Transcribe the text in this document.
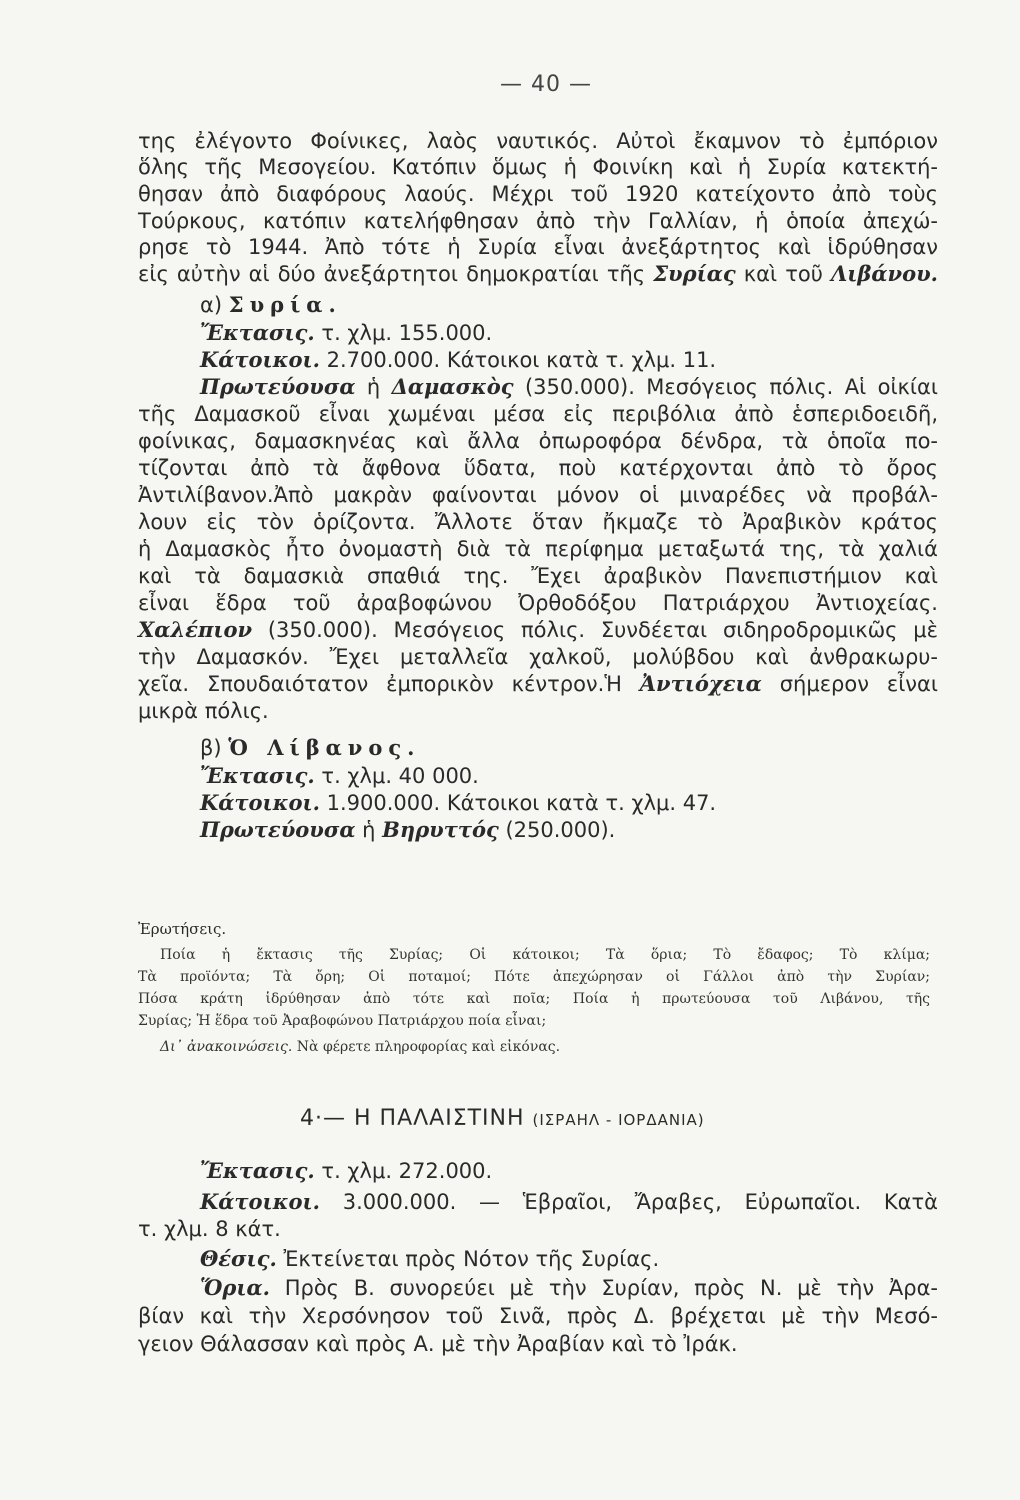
— 40 —
της ἐλέγοντο Φοίνικες, λαὸς ναυτικός. Αὐτοὶ ἔκαμνον τὸ ἐμπόριον
ὅλης τῆς Μεσογείου. Κατόπιν ὅμως ἡ Φοινίκη καὶ ἡ Συρία κατεκτή-
θησαν ἀπὸ διαφόρους λαούς. Μέχρι τοῦ 1920 κατείχοντο ἀπὸ τοὺς
Τούρκους, κατόπιν κατελήφθησαν ἀπὸ τὴν Γαλλίαν, ἡ ὁποία ἀπεχώ-
ρησε τὸ 1944. Ἀπὸ τότε ἡ Συρία εἶναι ἀνεξάρτητος καὶ ἱδρύθησαν
εἰς αὐτὴν αἱ δύο ἀνεξάρτητοι δημοκρατίαι τῆς Συρίας καὶ τοῦ Λιβάνου.
α) Συρία.
Ἔκτασις. τ. χλμ. 155.000.
Κάτοικοι. 2.700.000. Κάτοικοι κατὰ τ. χλμ. 11.
Πρωτεύουσα ἡ Δαμασκὸς (350.000). Μεσόγειος πόλις. Αἱ οἰκίαι
τῆς Δαμασκοῦ εἶναι χωμέναι μέσα εἰς περιβόλια ἀπὸ ἑσπεριδοειδῆ,
φοίνικας, δαμασκηνέας καὶ ἄλλα ὀπωροφόρα δένδρα, τὰ ὁποῖα πο-
τίζονται ἀπὸ τὰ ἄφθονα ὕδατα, ποὺ κατέρχονται ἀπὸ τὸ ὄρος
Ἀντιλίβανον.Ἀπὸ μακρὰν φαίνονται μόνον οἱ μιναρέδες νὰ προβάλ-
λουν εἰς τὸν ὁρίζοντα. Ἄλλοτε ὅταν ἤκμαζε τὸ Ἀραβικὸν κράτος
ἡ Δαμασκὸς ἦτο ὀνομαστὴ διὰ τὰ περίφημα μεταξωτά της, τὰ χαλιά
καὶ τὰ δαμασκιὰ σπαθιά της. Ἔχει ἀραβικὸν Πανεπιστήμιον καὶ
εἶναι ἕδρα τοῦ ἀραβοφώνου Ὀρθοδόξου Πατριάρχου Ἀντιοχείας.
Χαλέπιον (350.000). Μεσόγειος πόλις. Συνδέεται σιδηροδρομικῶς μὲ
τὴν Δαμασκόν. Ἔχει μεταλλεῖα χαλκοῦ, μολύβδου καὶ ἀνθρακωρυ-
χεῖα. Σπουδαιότατον ἐμπορικὸν κέντρον.Ἡ Ἀντιόχεια σήμερον εἶναι
μικρὰ πόλις.
β) Ὁ Λίβανος.
Ἔκτασις. τ. χλμ. 40 000.
Κάτοικοι. 1.900.000. Κάτοικοι κατὰ τ. χλμ. 47.
Πρωτεύουσα ἡ Βηρυττός (250.000).
Ἐρωτήσεις.
Ποία ἡ ἔκτασις τῆς Συρίας; Οἱ κάτοικοι; Τὰ ὅρια; Τὸ ἔδαφος; Τὸ κλίμα;
Τὰ προϊόντα; Τὰ ὄρη; Οἱ ποταμοί; Πότε ἀπεχώρησαν οἱ Γάλλοι ἀπὸ τὴν Συρίαν;
Πόσα κράτη ἱδρύθησαν ἀπὸ τότε καὶ ποῖα; Ποία ἡ πρωτεύουσα τοῦ Λιβάνου, τῆς
Συρίας; Ἡ ἕδρα τοῦ Ἀραβοφώνου Πατριάρχου ποία εἶναι;
Δι᾿ ἀνακοινώσεις. Νὰ φέρετε πληροφορίας καὶ εἰκόνας.
4·— Η ΠΑΛΑΙΣΤΙΝΗ (ΙΣΡΑΗΛ - ΙΟΡΔΑΝΙΑ)
Ἔκτασις. τ. χλμ. 272.000.
Κάτοικοι. 3.000.000. — Ἑβραῖοι, Ἄραβες, Εὐρωπαῖοι. Κατὰ
τ. χλμ. 8 κάτ.
Θέσις. Ἐκτείνεται πρὸς Νότον τῆς Συρίας.
Ὅρια. Πρὸς Β. συνορεύει μὲ τὴν Συρίαν, πρὸς Ν. μὲ τὴν Ἀρα-
βίαν καὶ τὴν Χερσόνησον τοῦ Σινᾶ, πρὸς Δ. βρέχεται μὲ τὴν Μεσό-
γειον Θάλασσαν καὶ πρὸς Α. μὲ τὴν Ἀραβίαν καὶ τὸ Ἰράκ.
